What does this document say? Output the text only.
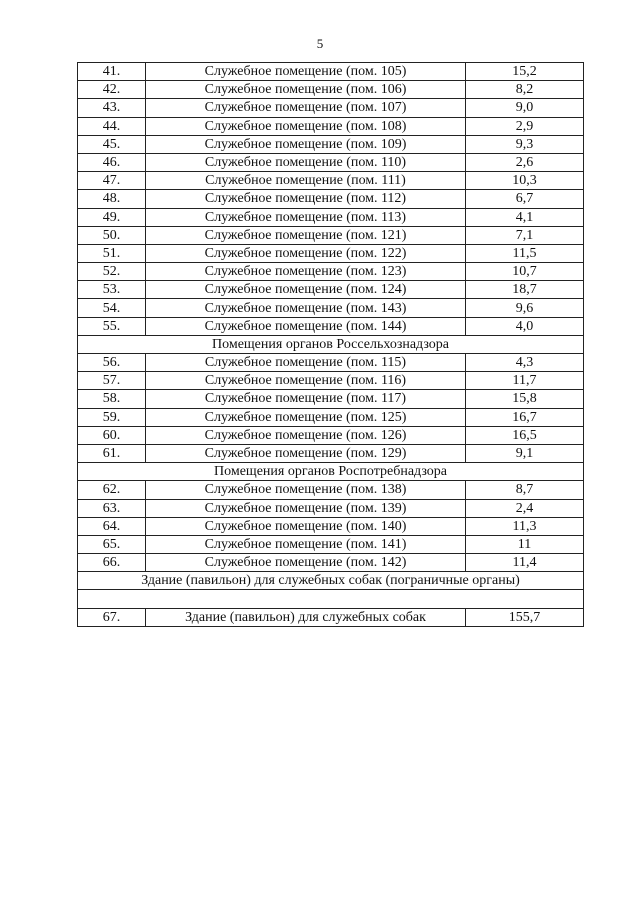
5
41.	Служебное помещение (пом. 105)	15,2
42.	Служебное помещение (пом. 106)	8,2
43.	Служебное помещение (пом. 107)	9,0
44.	Служебное помещение (пом. 108)	2,9
45.	Служебное помещение (пом. 109)	9,3
46.	Служебное помещение (пом. 110)	2,6
47.	Служебное помещение (пом. 111)	10,3
48.	Служебное помещение (пом. 112)	6,7
49.	Служебное помещение (пом. 113)	4,1
50.	Служебное помещение (пом. 121)	7,1
51.	Служебное помещение (пом. 122)	11,5
52.	Служебное помещение (пом. 123)	10,7
53.	Служебное помещение (пом. 124)	18,7
54.	Служебное помещение (пом. 143)	9,6
55.	Служебное помещение (пом. 144)	4,0
Помещения органов Россельхознадзора		
56.	Служебное помещение (пом. 115)	4,3
57.	Служебное помещение (пом. 116)	11,7
58.	Служебное помещение (пом. 117)	15,8
59.	Служебное помещение (пом. 125)	16,7
60.	Служебное помещение (пом. 126)	16,5
61.	Служебное помещение (пом. 129)	9,1
Помещения органов Роспотребнадзора		
62.	Служебное помещение (пом. 138)	8,7
63.	Служебное помещение (пом. 139)	2,4
64.	Служебное помещение (пом. 140)	11,3
65.	Служебное помещение (пом. 141)	11
66.	Служебное помещение (пом. 142)	11,4
Здание (павильон) для служебных собак (пограничные органы)		

67.	Здание (павильон) для служебных собак	155,7
